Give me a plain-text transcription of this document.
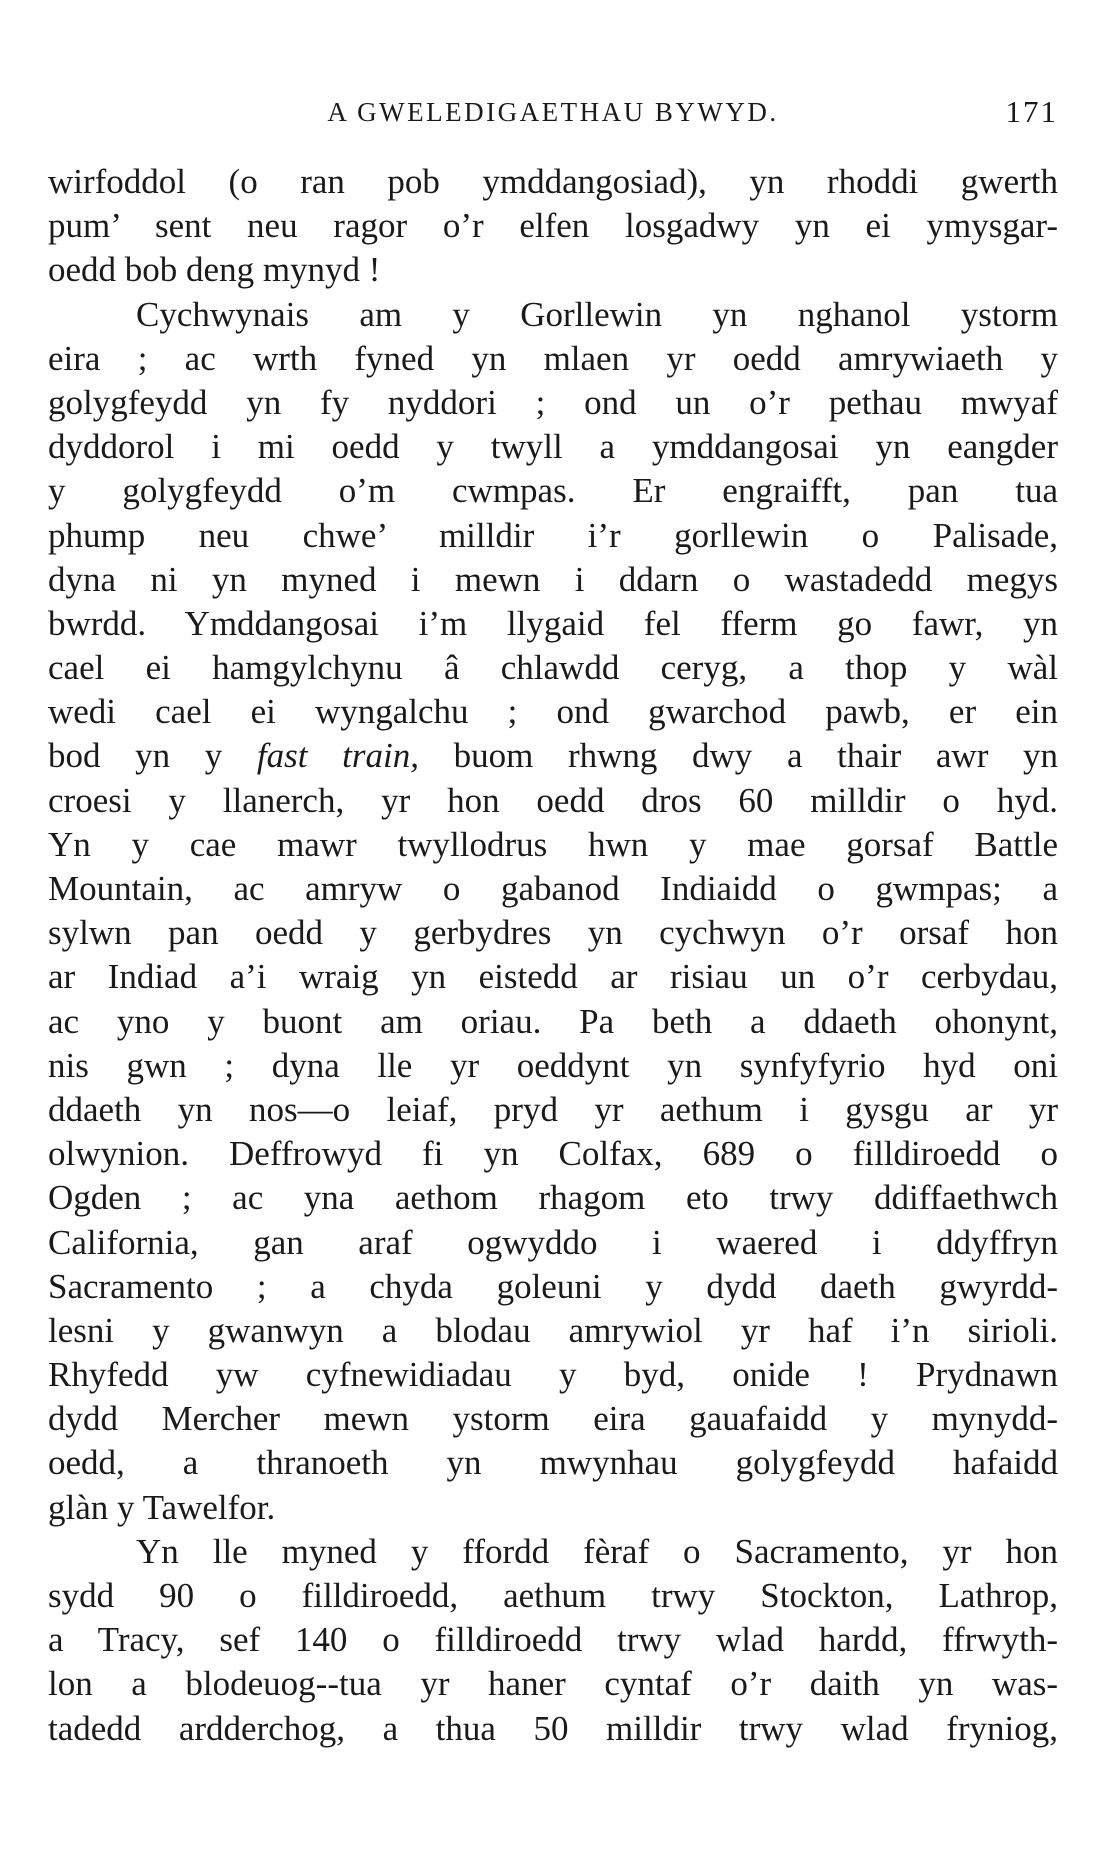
A GWELEDIGAETHAU BYWYD.	171
wirfoddol (o ran pob ymddangosiad), yn rhoddi gwerth
pum’ sent neu ragor o’r elfen losgadwy yn ei ymysgar-
oedd bob deng mynyd !
Cychwynais am y Gorllewin yn nghanol ystorm
eira ; ac wrth fyned yn mlaen yr oedd amrywiaeth y
golygfeydd yn fy nyddori ; ond un o’r pethau mwyaf
dyddorol i mi oedd y twyll a ymddangosai yn eangder
y golygfeydd o’m cwmpas. Er engraifft, pan tua
phump neu chwe’ milldir i’r gorllewin o Palisade,
dyna ni yn myned i mewn i ddarn o wastadedd megys
bwrdd. Ymddangosai i’m llygaid fel fferm go fawr, yn
cael ei hamgylchynu â chlawdd ceryg, a thop y wàl
wedi cael ei wyngalchu ; ond gwarchod pawb, er ein
bod yn y fast train, buom rhwng dwy a thair awr yn
croesi y llanerch, yr hon oedd dros 60 milldir o hyd.
Yn y cae mawr twyllodrus hwn y mae gorsaf Battle
Mountain, ac amryw o gabanod Indiaidd o gwmpas; a
sylwn pan oedd y gerbydres yn cychwyn o’r orsaf hon
ar Indiad a’i wraig yn eistedd ar risiau un o’r cerbydau,
ac yno y buont am oriau. Pa beth a ddaeth ohonynt,
nis gwn ; dyna lle yr oeddynt yn synfyfyrio hyd oni
ddaeth yn nos—o leiaf, pryd yr aethum i gysgu ar yr
olwynion. Deffrowyd fi yn Colfax, 689 o filldiroedd o
Ogden ; ac yna aethom rhagom eto trwy ddiffaethwch
California, gan araf ogwyddo i waered i ddyffryn
Sacramento ; a chyda goleuni y dydd daeth gwyrdd-
lesni y gwanwyn a blodau amrywiol yr haf i’n sirioli.
Rhyfedd yw cyfnewidiadau y byd, onide ! Prydnawn
dydd Mercher mewn ystorm eira gauafaidd y mynydd-
oedd, a thranoeth yn mwynhau golygfeydd hafaidd
glàn y Tawelfor.
Yn lle myned y ffordd fèraf o Sacramento, yr hon
sydd 90 o filldiroedd, aethum trwy Stockton, Lathrop,
a Tracy, sef 140 o filldiroedd trwy wlad hardd, ffrwyth-
lon a blodeuog--tua yr haner cyntaf o’r daith yn was-
tadedd ardderchog, a thua 50 milldir trwy wlad fryniog,
